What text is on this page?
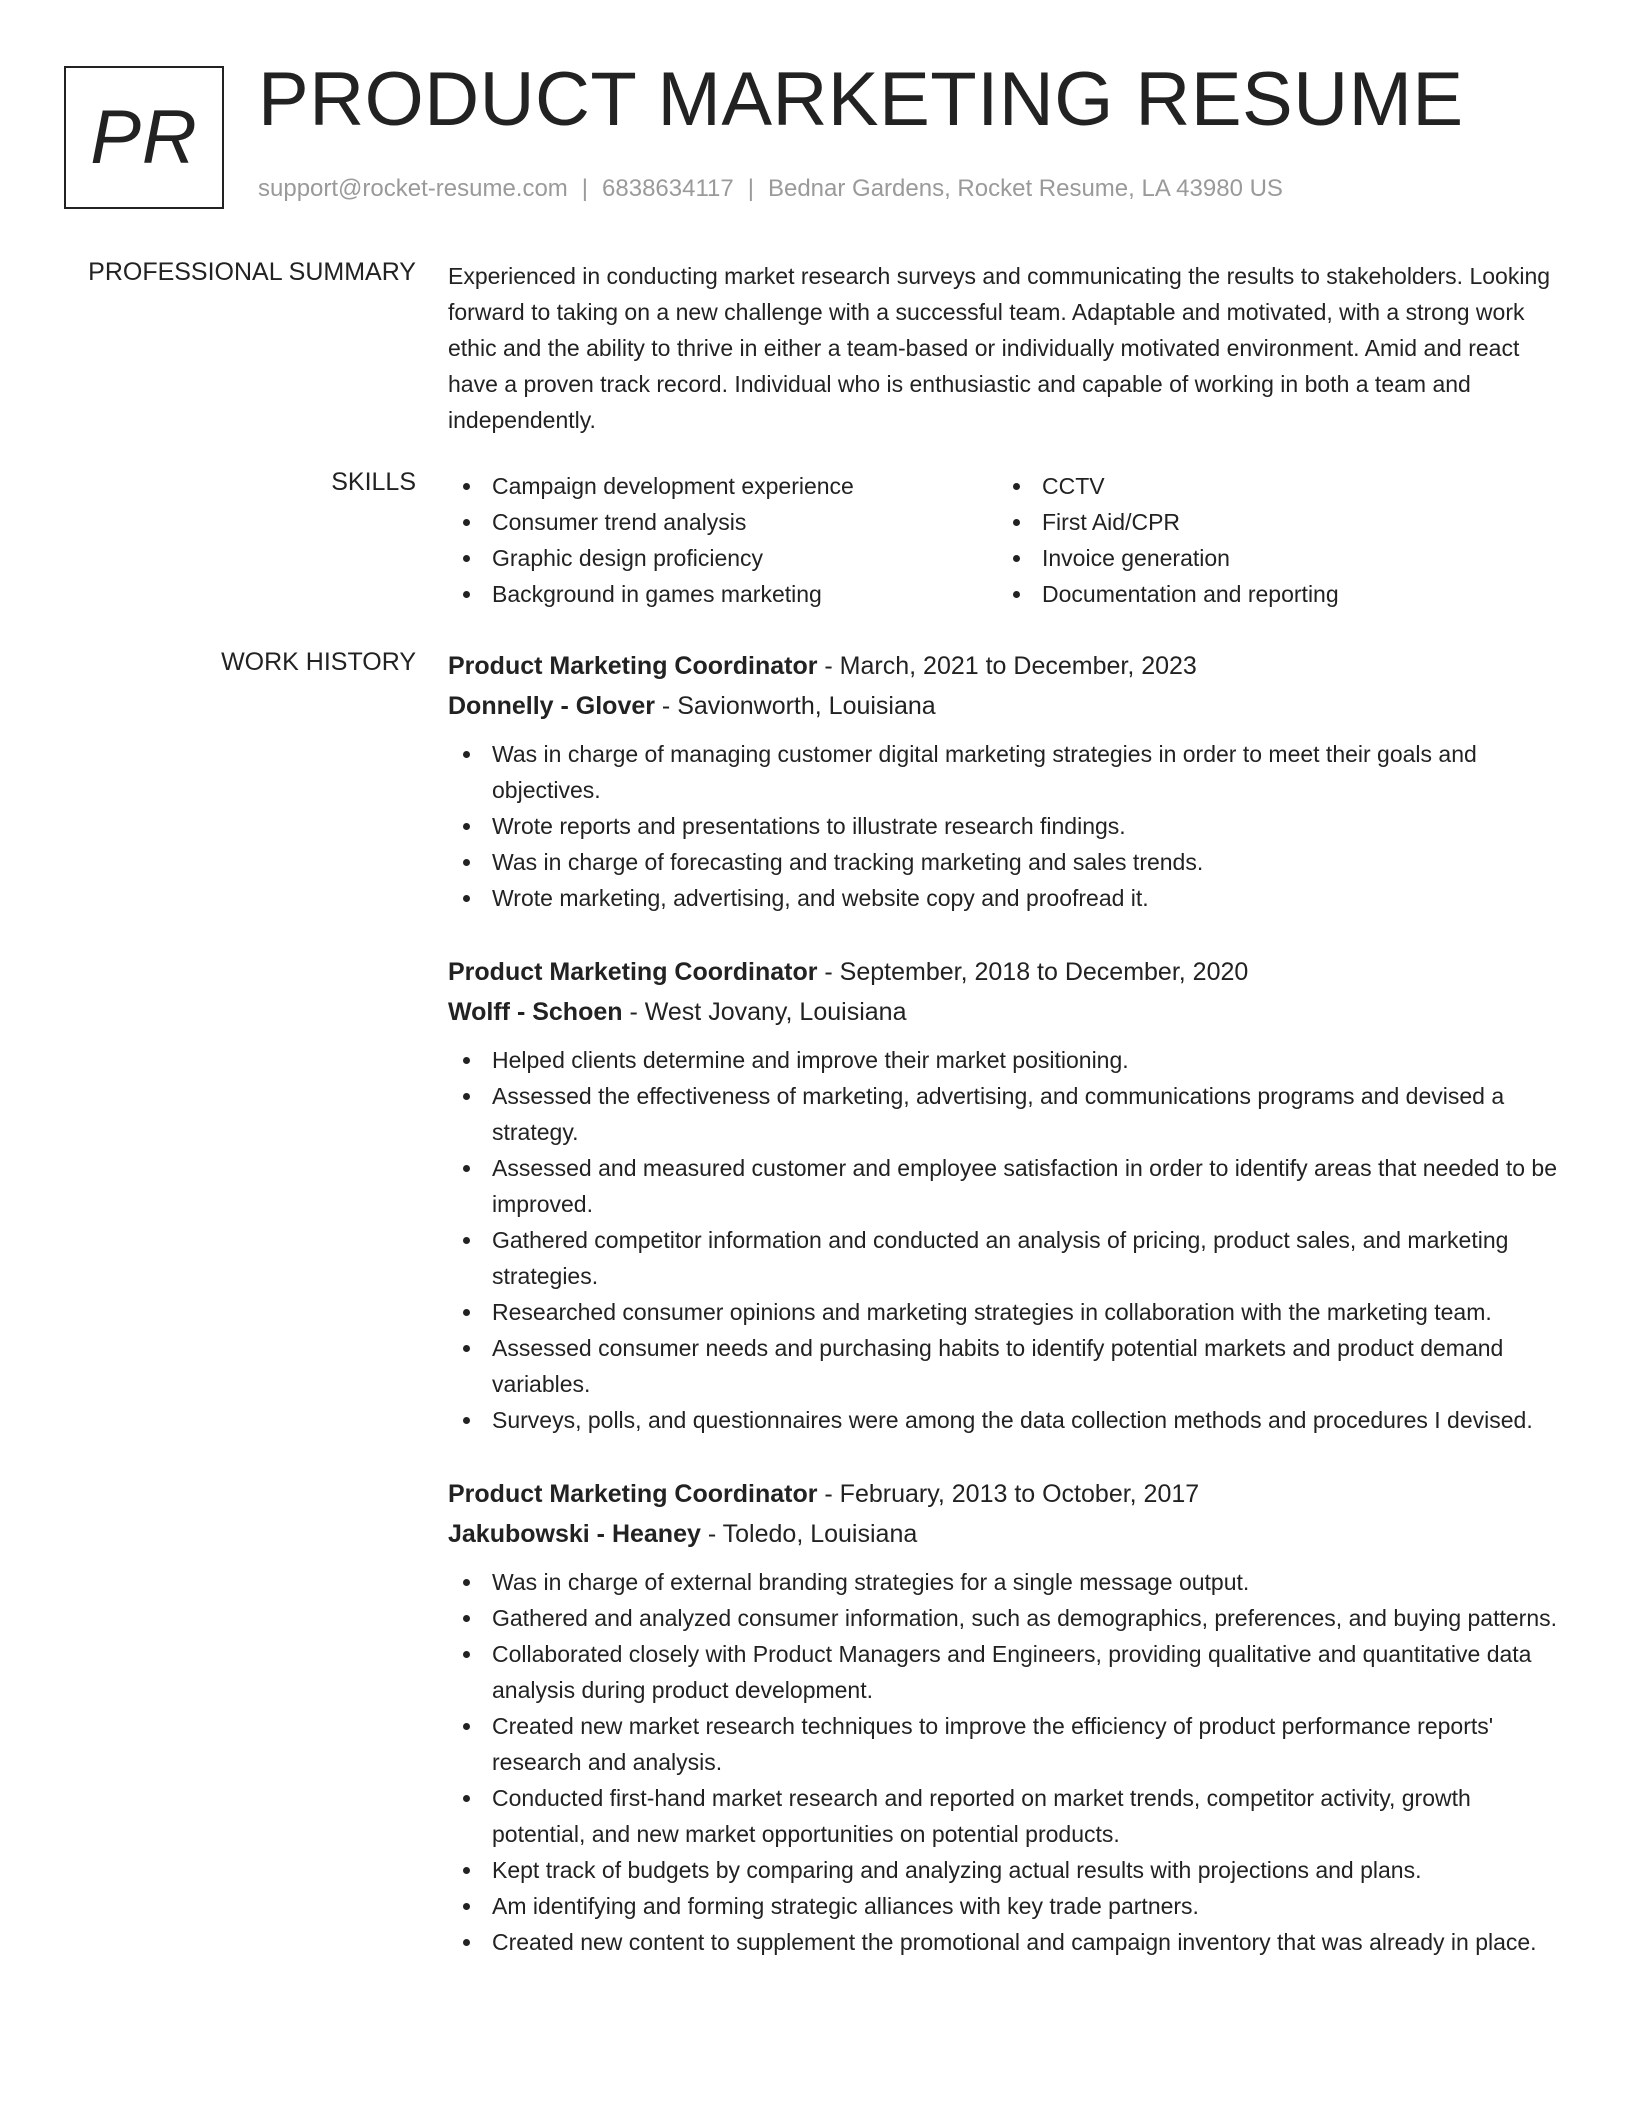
PR PRODUCT MARKETING RESUME
support@rocket-resume.com | 6838634117 | Bednar Gardens, Rocket Resume, LA 43980 US
PROFESSIONAL SUMMARY Experienced in conducting market research surveys and communicating the results to stakeholders. Looking forward to taking on a new challenge with a successful team. Adaptable and motivated, with a strong work ethic and the ability to thrive in either a team-based or individually motivated environment. Amid and react have a proven track record. Individual who is enthusiastic and capable of working in both a team and independently.
SKILLS	Campaign development experience
Consumer trend analysis
Graphic design proficiency
Background in games marketing
CCTV
First Aid/CPR
Invoice generation
Documentation and reporting
WORK HISTORY Product Marketing Coordinator - March, 2021 to December, 2023
Donnelly - Glover - Savionworth, Louisiana
Was in charge of managing customer digital marketing strategies in order to meet their goals and objectives.
Wrote reports and presentations to illustrate research findings.
Was in charge of forecasting and tracking marketing and sales trends.
Wrote marketing, advertising, and website copy and proofread it.
Product Marketing Coordinator - September, 2018 to December, 2020
Wolff - Schoen - West Jovany, Louisiana
Helped clients determine and improve their market positioning.
Assessed the effectiveness of marketing, advertising, and communications programs and devised a strategy.
Assessed and measured customer and employee satisfaction in order to identify areas that needed to be improved.
Gathered competitor information and conducted an analysis of pricing, product sales, and marketing strategies.
Researched consumer opinions and marketing strategies in collaboration with the marketing team.
Assessed consumer needs and purchasing habits to identify potential markets and product demand variables.
Surveys, polls, and questionnaires were among the data collection methods and procedures I devised.
Product Marketing Coordinator - February, 2013 to October, 2017
Jakubowski - Heaney - Toledo, Louisiana
Was in charge of external branding strategies for a single message output.
Gathered and analyzed consumer information, such as demographics, preferences, and buying patterns.
Collaborated closely with Product Managers and Engineers, providing qualitative and quantitative data analysis during product development.
Created new market research techniques to improve the efficiency of product performance reports' research and analysis.
Conducted first-hand market research and reported on market trends, competitor activity, growth potential, and new market opportunities on potential products.
Kept track of budgets by comparing and analyzing actual results with projections and plans.
Am identifying and forming strategic alliances with key trade partners.
Created new content to supplement the promotional and campaign inventory that was already in place.
